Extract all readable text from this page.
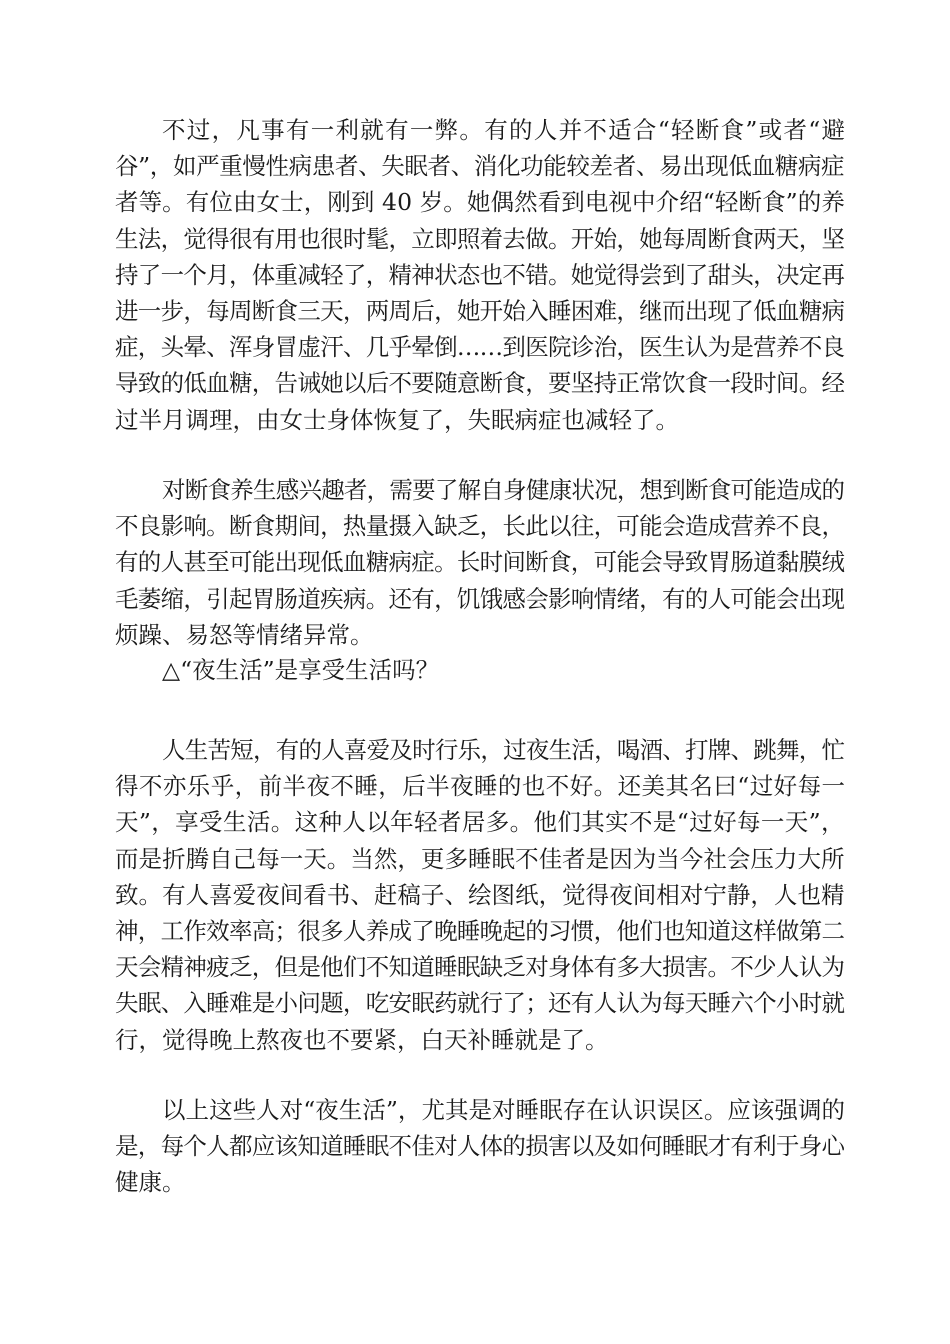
不过，凡事有一利就有一弊。有的人并不适合“轻断食”或者“避
谷”，如严重慢性病患者、失眠者、消化功能较差者、易出现低血糖病症
者等。有位由女士，刚到 40 岁。她偶然看到电视中介绍“轻断食”的养
生法，觉得很有用也很时髦，立即照着去做。开始，她每周断食两天，坚
持了一个月，体重减轻了，精神状态也不错。她觉得尝到了甜头，决定再
进一步，每周断食三天，两周后，她开始入睡困难，继而出现了低血糖病
症，头晕、浑身冒虚汗、几乎晕倒……到医院诊治，医生认为是营养不良
导致的低血糖，告诫她以后不要随意断食，要坚持正常饮食一段时间。经
过半月调理，由女士身体恢复了，失眠病症也减轻了。
对断食养生感兴趣者，需要了解自身健康状况，想到断食可能造成的
不良影响。断食期间，热量摄入缺乏，长此以往，可能会造成营养不良，
有的人甚至可能出现低血糖病症。长时间断食，可能会导致胃肠道黏膜绒
毛萎缩，引起胃肠道疾病。还有，饥饿感会影响情绪，有的人可能会出现
烦躁、易怒等情绪异常。
△“夜生活”是享受生活吗？
人生苦短，有的人喜爱及时行乐，过夜生活，喝酒、打牌、跳舞，忙
得不亦乐乎，前半夜不睡，后半夜睡的也不好。还美其名曰“过好每一
天”，享受生活。这种人以年轻者居多。他们其实不是“过好每一天”，
而是折腾自己每一天。当然，更多睡眠不佳者是因为当今社会压力大所
致。有人喜爱夜间看书、赶稿子、绘图纸，觉得夜间相对宁静，人也精
神，工作效率高；很多人养成了晚睡晚起的习惯，他们也知道这样做第二
天会精神疲乏，但是他们不知道睡眠缺乏对身体有多大损害。不少人认为
失眠、入睡难是小问题，吃安眠药就行了；还有人认为每天睡六个小时就
行，觉得晚上熬夜也不要紧，白天补睡就是了。
以上这些人对“夜生活”，尤其是对睡眠存在认识误区。应该强调的
是，每个人都应该知道睡眠不佳对人体的损害以及如何睡眠才有利于身心
健康。
